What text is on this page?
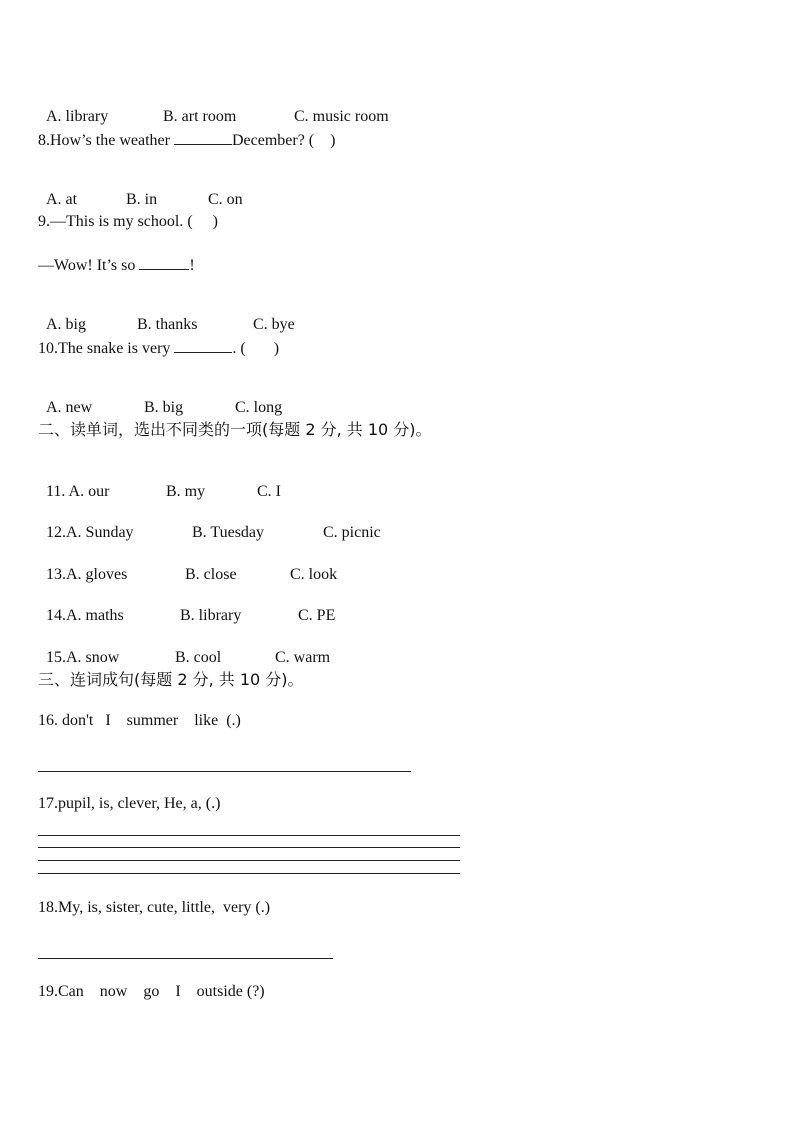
A. library	B. art room	C. music room

8.How’s the weather	December? (    )

A. at	B. in	C. on

9.—This is my school. (     )
—Wow! It’s so	!

A. big	B. thanks	C. bye

10.The snake is very	. (       )

A. new	B. big	C. long

二、读单词，选出不同类的一项(每题 2 分, 共 10 分)。

11. A. our	B. my	C. I

12.A. Sunday	B. Tuesday	C. picnic

13.A. gloves	B. close	C. look

14.A. maths	B. library	C. PE

15.A. snow	B. cool	C. warm

三、连词成句(每题 2 分, 共 10 分)。
16. don't   I    summer    like  (.)
17.pupil, is, clever, He, a, (.)
18.My, is, sister, cute, little,  very (.)
19.Can    now    go    I    outside (?)
